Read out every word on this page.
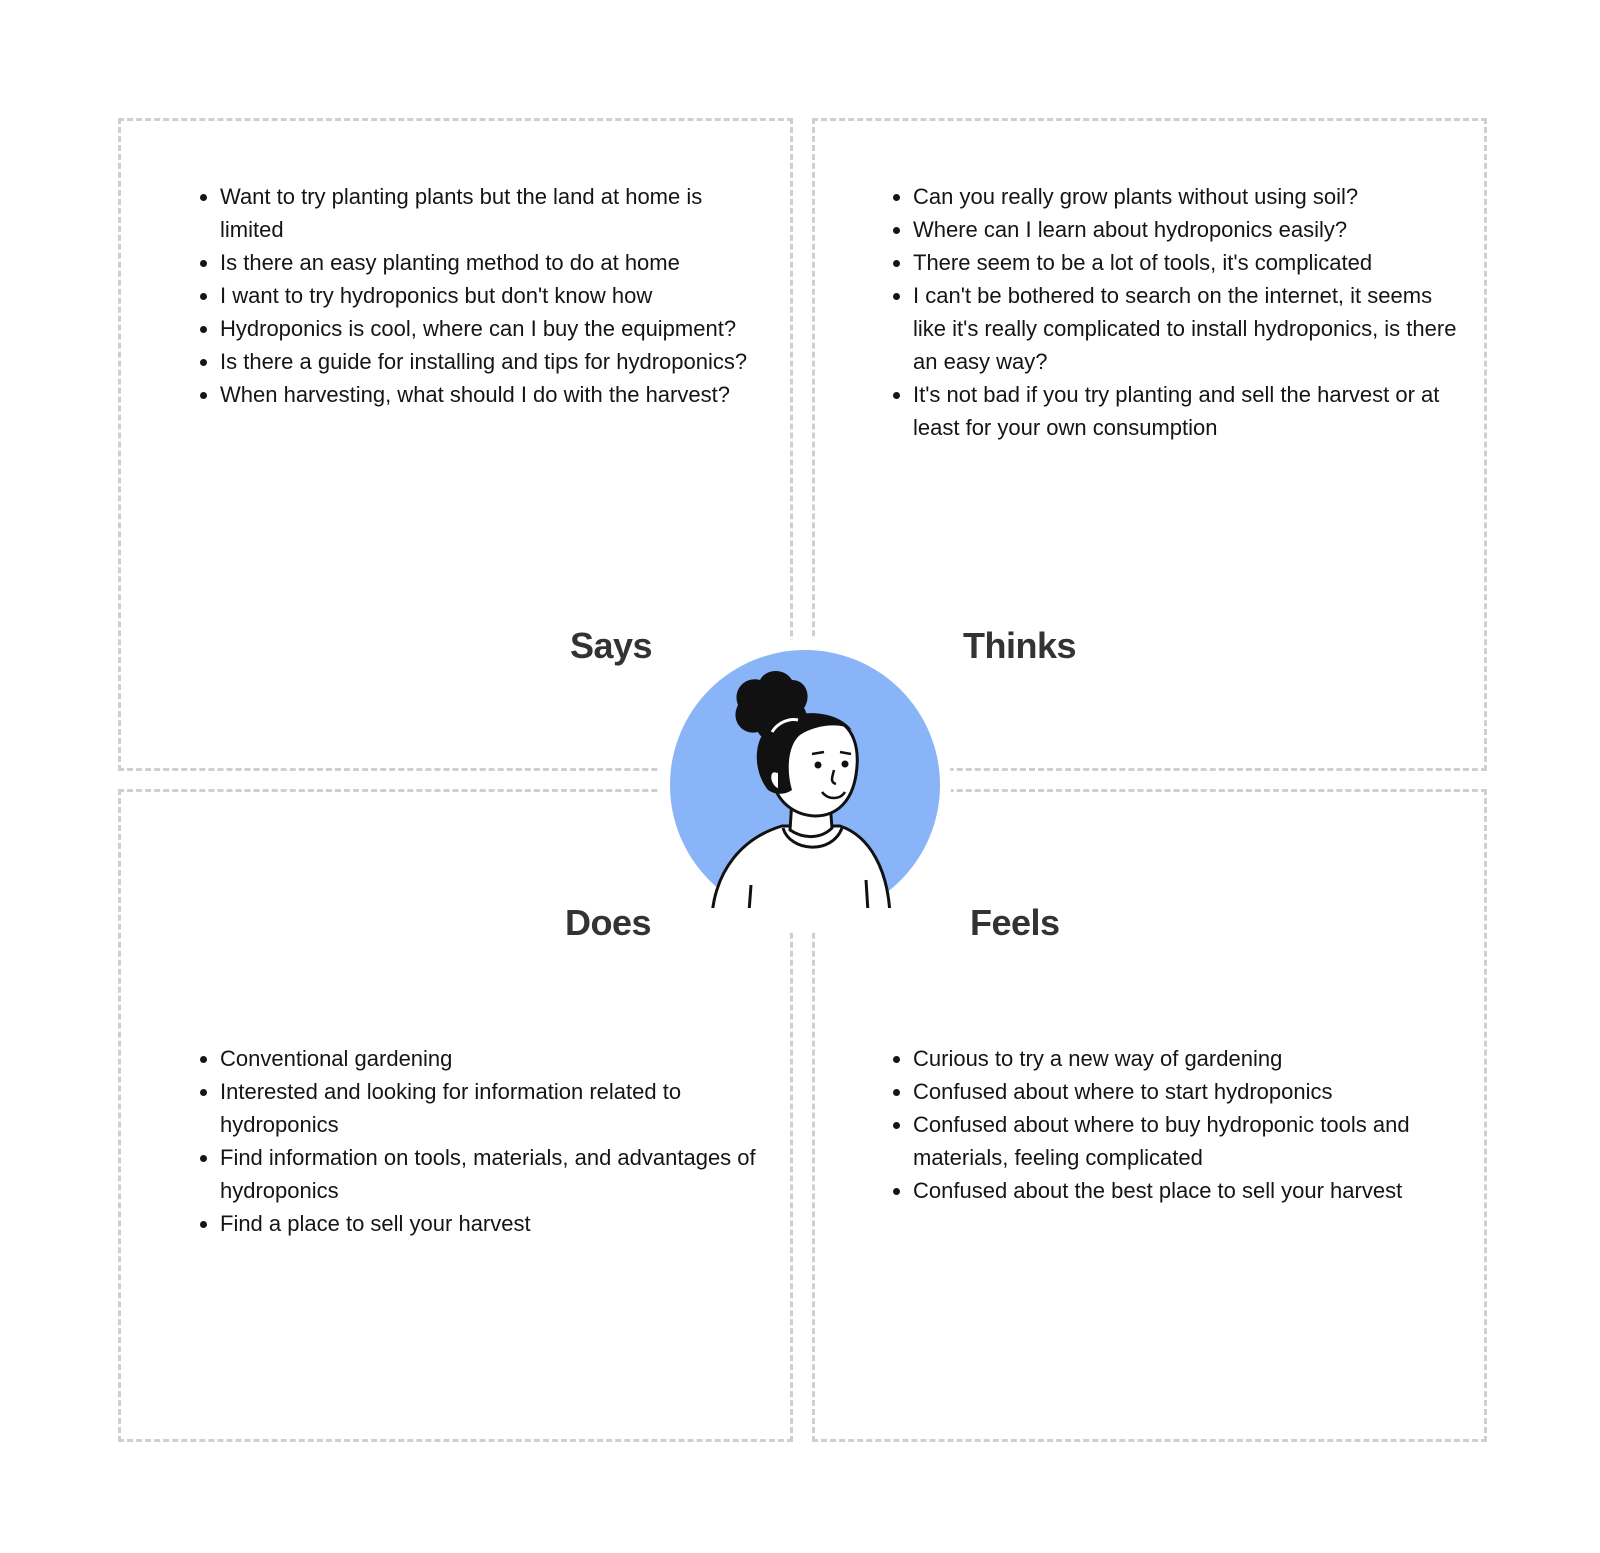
Want to try planting plants but the land at home is limited
Is there an easy planting method to do at home
I want to try hydroponics but don't know how
Hydroponics is cool, where can I buy the equipment?
Is there a guide for installing and tips for hydroponics?
When harvesting, what should I do with the harvest?
Can you really grow plants without using soil?
Where can I learn about hydroponics easily?
There seem to be a lot of tools, it's complicated
I can't be bothered to search on the internet, it seems like it's really complicated to install hydroponics, is there an easy way?
It's not bad if you try planting and sell the harvest or at least for your own consumption
Conventional gardening
Interested and looking for information related to hydroponics
Find information on tools, materials, and advantages of hydroponics
Find a place to sell your harvest
Curious to try a new way of gardening
Confused about where to start hydroponics
Confused about where to buy hydroponic tools and materials, feeling complicated
Confused about the best place to sell your harvest
Says	Thinks
Does	Feels
